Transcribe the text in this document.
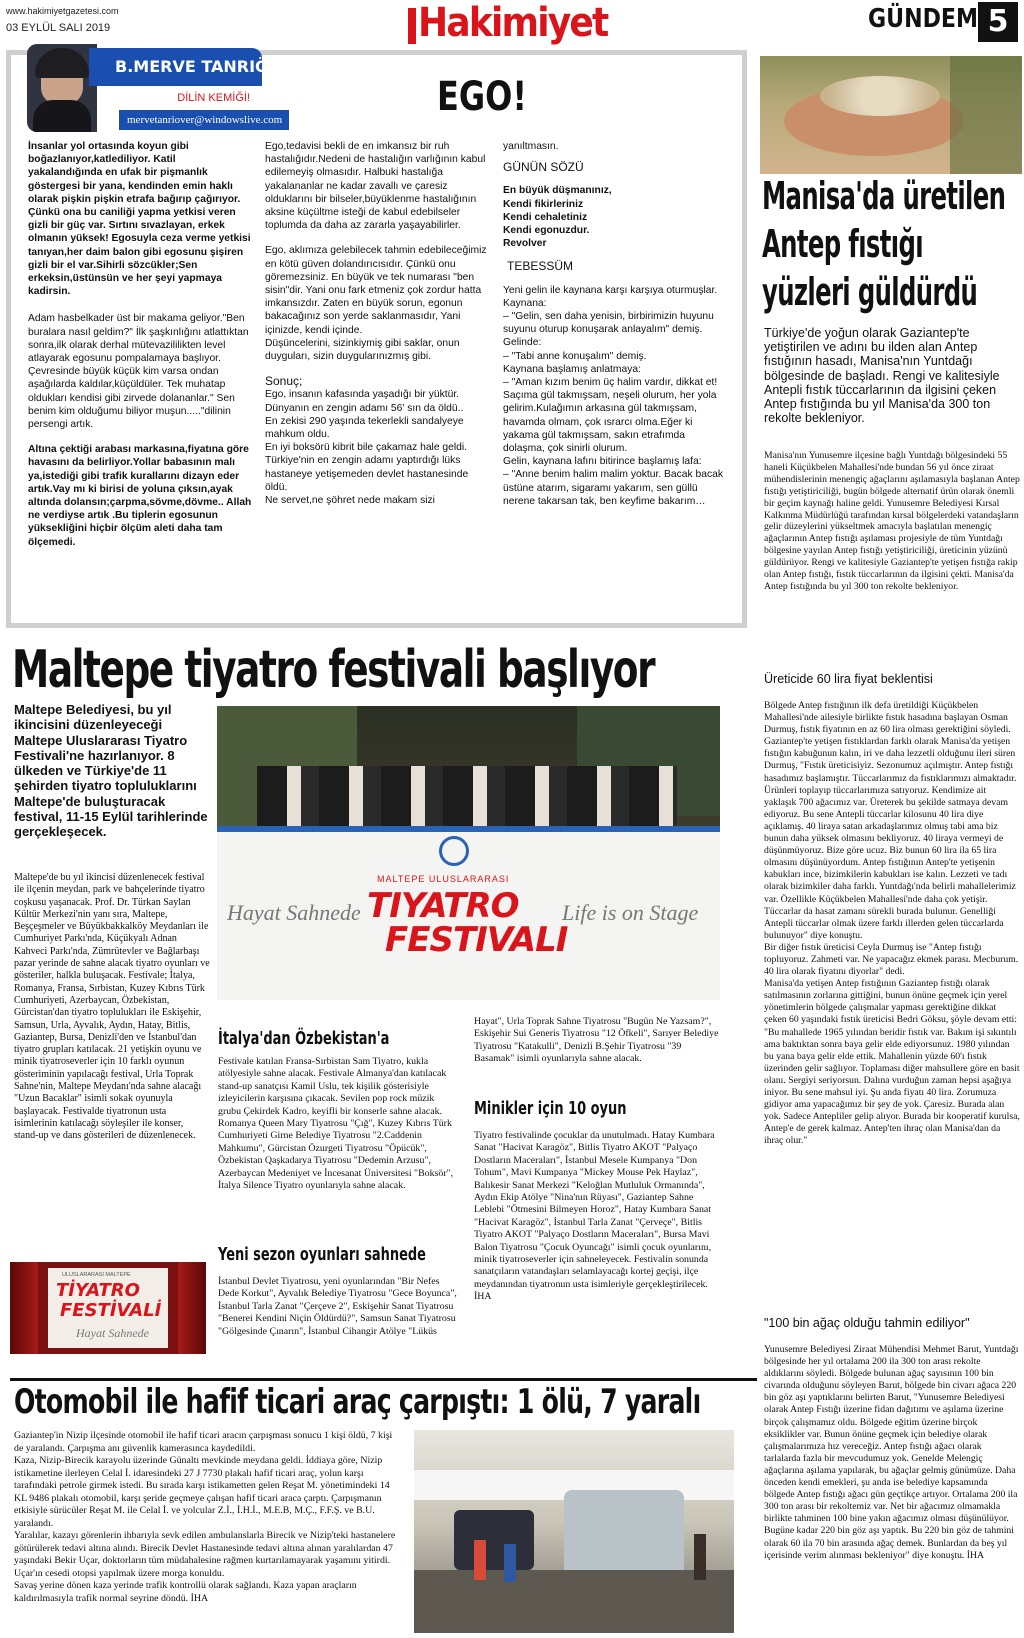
www.hakimiyetgazetesi.com
03 EYLÜL SALI 2019	Hakimiyet	GÜNDEM 5
B.MERVE TANRIÖVER
DİLİN KEMİĞİ!
mervetanriover@windowslive.com	EGO!

İnsanlar yol ortasında koyun gibi boğazlanıyor,katlediliyor. Katil yakalandığında en ufak bir pişmanlık göstergesi bir yana, kendinden emin haklı olarak pişkin pişkin etrafa bağırıp çağırıyor. Çünkü ona bu caniliği yapma yetkisi veren gizli bir güç var. Sırtını sıvazlayan, erkek olmanın yüksek! Egosuyla ceza verme yetkisi tanıyan,her daim balon gibi egosunu şişiren gizli bir el var.Sihirli sözcükler;Sen erkeksin,üstünsün ve her şeyi yapmaya kadirsin.

Adam hasbelkader üst bir makama geliyor."Ben buralara nasıl geldim?" İlk şaşkınlığını atlattıktan sonra,ilk olarak derhal mütevazililikten level atlayarak egosunu pompalamaya başlıyor. Çevresinde büyük küçük kim varsa ondan aşağılarda kaldılar,küçüldüler. Tek muhatap oldukları kendisi gibi zirvede dolananlar." Sen benim kim olduğumu biliyor muşun....."dilinin persengi artık.

Altına çektiği arabası markasına,fiyatına göre havasını da belirliyor.Yollar babasının malı ya,istediği gibi trafik kurallarını dizayn eder artık.Vay mı ki birisi de yoluna çıksın,ayak altında dolansın;çarpma,sövme,dövme.. Allah ne verdiyse artık .Bu tiplerin egosunun yüksekliğini hiçbir ölçüm aleti daha tam ölçemedi.

Ego,tedavisi bekli de en imkansız bir ruh hastalığıdır.Nedeni de hastalığın varlığının kabul edilemeyiş olmasıdır. Halbuki hastalığa yakalananlar ne kadar zavallı ve çaresiz olduklarını bir bilseler,büyüklenme hastalığının aksine küçültme isteği de kabul edebilseler toplumda da daha az zararla yaşayabilirler.

Ego, aklımıza gelebilecek tahmin edebileceğimiz en kötü güven dolandırıcısıdır. Çünkü onu göremezsiniz. En büyük ve tek numarası "ben sisin"dir. Yani onu fark etmeniz çok zordur hatta imkansızdır. Zaten en büyük sorun, egonun bakacağınız son yerde saklanmasıdır, Yani içinizde, kendi içinde.
Düşüncelerini, sizinkiymiş gibi saklar, onun duyguları, sizin duygularınızmış gibi.

Sonuç;

Ego, insanın kafasında yaşadığı bir yüktür.
Dünyanın en zengin adamı 56' sın da öldü..
En zekisi 290 yaşında tekerlekli sandalyeye mahkum oldu.
En iyi boksörü kibrit bile çakamaz hale geldi.
Türkiye'nin en zengin adamı yaptırdığı lüks hastaneye yetişemeden devlet hastanesinde öldü.
Ne servet,ne şöhret nede makam sizi

yanıltmasın.

GÜNÜN SÖZÜ

En büyük düşmanınız,
Kendi fikirleriniz
Kendi cehaletiniz
Kendi egonuzdur.
Revolver

TEBESSÜM

Yeni gelin ile kaynana karşı karşıya oturmuşlar.
Kaynana:
– "Gelin, sen daha yenisin, birbirimizin huyunu suyunu oturup konuşarak anlayalım" demiş.
Gelinde:
– "Tabi anne konuşalım" demiş.
Kaynana başlamış anlatmaya:
– "Aman kızım benim üç halim vardır, dikkat et!
Saçıma gül takmışsam, neşeli olurum, her yola gelirim.Kulağımın arkasına gül takmışsam, havamda olmam, çok ısrarcı olma.Eğer ki yakama gül takmışsam, sakın etrafımda dolaşma, çok sinirli olurum.
Gelin, kaynana lafını bitirince başlamış lafa:
– "Anne benim halim malim yoktur. Bacak bacak üstüne atarım, sigaramı yakarım, sen güllü nerene takarsan tak, ben keyfime bakarım…

Manisa'da üretilen
Antep fıstığı
yüzleri güldürdü
Türkiye'de yoğun olarak Gaziantep'te yetiştirilen ve adını bu ilden alan Antep fıstığının hasadı, Manisa'nın Yuntdağı bölgesinde de başladı. Rengi ve kalitesiyle Antepli fıstık tüccarlarının da ilgisini çeken Antep fıstığında bu yıl Manisa'da 300 ton rekolte bekleniyor.
Manisa'nın Yunusemre ilçesine bağlı Yuntdağı bölgesindeki 55 haneli Küçükbelen Mahallesi'nde bundan 56 yıl önce ziraat mühendislerinin menengiç ağaçlarını aşılamasıyla başlanan Antep fıstığı yetiştiriciliği, bugün bölgede alternatif ürün olarak önemli bir geçim kaynağı haline geldi. Yunusemre Belediyesi Kırsal Kalkınma Müdürlüğü tarafından kırsal bölgelerdeki vatandaşların gelir düzeylerini yükseltmek amacıyla başlatılan menengiç ağaçlarının Antep fıstığı aşılaması projesiyle de tüm Yuntdağı bölgesine yayılan Antep fıstığı yetiştiriciliği, üreticinin yüzünü güldürüyor. Rengi ve kalitesiyle Gaziantep'te yetişen fıstığa rakip olan Antep fıstığı, fıstık tüccarlarının da ilgisini çekti. Manisa'da Antep fıstığında bu yıl 300 ton rekolte bekleniyor.
Üreticide 60 lira fiyat beklentisi
Bölgede Antep fıstığının ilk defa üretildiği Küçükbelen Mahallesi'nde ailesiyle birlikte fıstık hasadına başlayan Osman Durmuş, fıstık fiyatının en az 60 lira olması gerektiğini söyledi. Gaziantep'te yetişen fıstıklardan farklı olarak Manisa'da yetişen fıstığın kabuğunun kalın, iri ve daha lezzetli olduğunu ileri süren Durmuş, "Fıstık üreticisiyiz. Sezonumuz açılmıştır. Antep fıstığı hasadımız başlamıştır. Tüccarlarımız da fıstıklarımızı almaktadır. Ürünleri toplayıp tüccarlarımıza satıyoruz. Kendimize ait yaklaşık 700 ağacımız var. Üreterek bu şekilde satmaya devam ediyoruz. Bu sene Antepli tüccarlar kilosunu 40 lira diye açıklamış. 40 liraya satan arkadaşlarımız olmuş tabi ama biz bunun daha yüksek olmasını bekliyoruz. 40 liraya vermeyi de düşünmüyoruz. Bize göre ucuz. Biz bunun 60 lira ila 65 lira olmasını düşünüyordum. Antep fıstığının Antep'te yetişenin kabukları ince, bizimkilerin kabukları ise kalın. Lezzeti ve tadı olarak bizimkiler daha farklı. Yuntdağı'nda belirli mahallelerimiz var. Özellikle Küçükbelen Mahallesi'nde daha çok yetişir. Tüccarlar da hasat zamanı sürekli burada bulunur. Genelliği Antepli tüccarlar olmak üzere farklı illerden gelen tüccarlarda bulunuyor" diye konuştu.
Bir diğer fıstık üreticisi Ceyla Durmuş ise "Antep fıstığı topluyoruz. Zahmeti var. Ne yapacağız ekmek parası. Mecburum. 40 lira olarak fiyatını diyorlar" dedi.
Manisa'da yetişen Antep fıstığının Gaziantep fıstığı olarak satılmasının zorlarına gittiğini, bunun önüne geçmek için yerel yönetimlerin bölgede çalışmalar yapması gerektiğine dikkat çeken 60 yaşındaki fıstık üreticisi Bedri Göksu, şöyle devam etti:
"Bu mahallede 1965 yılından beridir fıstık var. Bakım işi sıkıntılı ama baktıktan sonra baya gelir elde ediyorsunuz. 1980 yılından bu yana baya gelir elde ettik. Mahallenin yüzde 60'ı fıstık üzerinden gelir sağlıyor. Toplaması diğer mahsullere göre en basit olanı. Sergiyi seriyorsun. Dalına vurduğun zaman hepsi aşağıya iniyor. Bu sene mahsul iyi. Şu anda fiyatı 40 lira. Zorumuza gidiyor ama yapacağımız bir şey de yok. Çaresiz. Burada alan yok. Sadece Antepliler gelip alıyor. Burada bir kooperatif kurulsa, Antep'e de gerek kalmaz. Antep'ten ihraç olan Manisa'dan da ihraç olur."
"100 bin ağaç olduğu tahmin ediliyor"
Yunusemre Belediyesi Ziraat Mühendisi Mehmet Barut, Yuntdağı bölgesinde her yıl ortalama 200 ila 300 ton arası rekolte aldıklarını söyledi. Bölgede bulunan ağaç sayısının 100 bin civarında olduğunu söyleyen Barut, bölgede bin civarı ağaca 220 bin göz aşı yaptıklarını belirten Barut, "Yunusemre Belediyesi olarak Antep Fıstığı üzerine fidan dağıtımı ve aşılama üzerine birçok çalışmamız oldu. Bölgede eğitim üzerine birçok eksiklikler var. Bunun önüne geçmek için belediye olarak çalışmalarımıza hız vereceğiz. Antep fıstığı ağacı olarak tarlalarda fazla bir mevcudumuz yok. Genelde Melengiç ağaçlarına aşılama yapılarak, bu ağaçlar gelmiş günümüze. Daha önceden kendi emekleri, şu anda ise belediye kapsamında bölgede Antep fıstığı ağacı gün geçtikçe artıyor. Ortalama 200 ila 300 ton arası bir rekoltemiz var. Net bir ağacımız olmamakla birlikte tahminen 100 bine yakın ağacımız olması düşünülüyor. Bugüne kadar 220 bin göz aşı yaptık. Bu 220 bin göz de tahmini olarak 60 ila 70 bin arasında ağaç demek. Bunlardan da beş yıl içerisinde verim alınması bekleniyor" diye konuştu. İHA
Maltepe tiyatro festivali başlıyor
Maltepe Belediyesi, bu yıl ikincisini düzenleyeceği Maltepe Uluslararası Tiyatro Festivali'ne hazırlanıyor. 8 ülkeden ve Türkiye'de 11 şehirden tiyatro topluluklarını Maltepe'de buluşturacak festival, 11-15 Eylül tarihlerinde gerçekleşecek.
Maltepe'de bu yıl ikincisi düzenlenecek festival ile ilçenin meydan, park ve bahçelerinde tiyatro coşkusu yaşanacak. Prof. Dr. Türkan Saylan Kültür Merkezi'nin yanı sıra, Maltepe, Beşçeşmeler ve Büyükbakkalköy Meydanları ile Cumhuriyet Parkı'nda, Küçükyalı Adnan Kahveci Parkı'nda, Zümrütevler ve Bağlarbaşı pazar yerinde de sahne alacak tiyatro oyunları ve gösteriler, halkla buluşacak. Festivale; İtalya, Romanya, Fransa, Sırbistan, Kuzey Kıbrıs Türk Cumhuriyeti, Azerbaycan, Özbekistan, Gürcistan'dan tiyatro toplulukları ile Eskişehir, Samsun, Urla, Ayvalık, Aydın, Hatay, Bitlis, Gaziantep, Bursa, Denizli'den ve İstanbul'dan tiyatro grupları katılacak. 21 yetişkin oyunu ve minik tiyatroseverler için 10 farklı oyunun gösteriminin yapılacağı festival, Urla Toprak Sahne'nin, Maltepe Meydanı'nda sahne alacağı "Uzun Bacaklar" isimli sokak oyunuyla başlayacak. Festivalde tiyatronun usta isimlerinin katılacağı söyleşiler ile konser, stand-up ve dans gösterileri de düzenlenecek.
MALTEPE ULUSLARARASI
TIYATRO
FESTIVALI
Hayat Sahnede	Life is on Stage
İtalya'dan Özbekistan'a
Festivale katılan Fransa-Sırbistan Sam Tiyatro, kukla atölyesiyle sahne alacak. Festivale Almanya'dan katılacak stand-up sanatçısı Kamil Uslu, tek kişilik gösterisiyle izleyicilerin karşısına çıkacak. Sevilen pop rock müzik grubu Çekirdek Kadro, keyifli bir konserle sahne alacak. Romanya Queen Mary Tiyatrosu "Çığ", Kuzey Kıbrıs Türk Cumhuriyeti Girne Belediye Tiyatrosu "2.Caddenin Mahkumu", Gürcistan Özurgeti Tiyatrosu "Öpücük", Özbekistan Qaşkadarya Tiyatrosu "Dedemin Arzusu", Azerbaycan Medeniyet ve İncesanat Üniversitesi "Boksör", İtalya Silence Tiyatro oyunlarıyla sahne alacak.
Yeni sezon oyunları sahnede
İstanbul Devlet Tiyatrosu, yeni oyunlarından "Bir Nefes Dede Korkut", Ayvalık Belediye Tiyatrosu "Gece Boyunca", İstanbul Tarla Zanat "Çerçeve 2", Eskişehir Sanat Tiyatrosu "Benerei Kendini Niçin Öldürdü?", Samsun Sanat Tiyatrosu "Gölgesinde Çınarın", İstanbul Cihangir Atölye "Lüküs
Hayat", Urla Toprak Sahne Tiyatrosu "Bugün Ne Yazsam?", Eskişehir Sui Generis Tiyatrosu "12 Öfkeli", Sarıyer Belediye Tiyatrosu "Katakulli", Denizli B.Şehir Tiyatrosu "39 Basamak" isimli oyunlarıyla sahne alacak.
Minikler için 10 oyun
Tiyatro festivalinde çocuklar da unutulmadı. Hatay Kumbara Sanat "Hacivat Karagöz", Bitlis Tiyatro AKOT "Palyaço Dostların Maceraları", İstanbul Mesele Kumpanya "Don Tohum", Mavi Kumpanya "Mickey Mouse Pek Haylaz", Balıkesir Sanat Merkezi "Keloğlan Mutluluk Ormanında", Aydın Ekip Atölye "Nina'nın Rüyası", Gaziantep Sahne Leblebi "Ötmesini Bilmeyen Horoz", Hatay Kumbara Sanat "Hacivat Karagöz", İstanbul Tarla Zanat "Çerveçe", Bitlis Tiyatro AKOT "Palyaço Dostların Maceraları", Bursa Mavi Balon Tiyatrosu "Çocuk Oyuncağı" isimli çocuk oyunlarını, minik tiyatroseverler için sahneleyecek. Festivalin sonunda sanatçıların vatandaşları selamlayacağı kortej geçişi, ilçe meydanından tiyatronun usta isimleriyle gerçekleştirilecek. İHA
ULUSLARARASI MALTEPE
TİYATRO
FESTİVALİ
Hayat Sahnede
Otomobil ile hafif ticari araç çarpıştı: 1 ölü, 7 yaralı
Gaziantep'in Nizip ilçesinde otomobil ile hafif ticari aracın çarpışması sonucu 1 kişi öldü, 7 kişi de yaralandı. Çarpışma anı güvenlik kamerasınca kaydedildi.
Kaza, Nizip-Birecik karayolu üzerinde Günaltı mevkinde meydana geldi. İddiaya göre, Nizip istikametine ilerleyen Celal İ. idaresindeki 27 J 7730 plakalı hafif ticari araç, yolun karşı tarafındaki petrole girmek istedi. Bu sırada karşı istikametten gelen Reşat M. yönetimindeki 14 KL 9486 plakalı otomobil, karşı şeride geçmeye çalışan hafif ticari araca çarptı. Çarpışmanın etkisiyle sürücüler Reşat M. ile Celal İ. ve yolcular Z.İ., İ.H.İ., M.E.B, M.Ç., F.F.Ş. ve B.U. yaralandı.
Yaralılar, kazayı görenlerin ihbarıyla sevk edilen ambulanslarla Birecik ve Nizip'teki hastanelere götürülerek tedavi altına alındı. Birecik Devlet Hastanesinde tedavi altına alınan yaralılardan 47 yaşındaki Bekir Uçar, doktorların tüm müdahalesine rağmen kurtarılamayarak yaşamını yitirdi.
Uçar'ın cesedi otopsi yapılmak üzere morga konuldu.
Savaş yerine dönen kaza yerinde trafik kontrollü olarak sağlandı. Kaza yapan araçların kaldırılmasıyla trafik normal seyrine döndü. İHA
